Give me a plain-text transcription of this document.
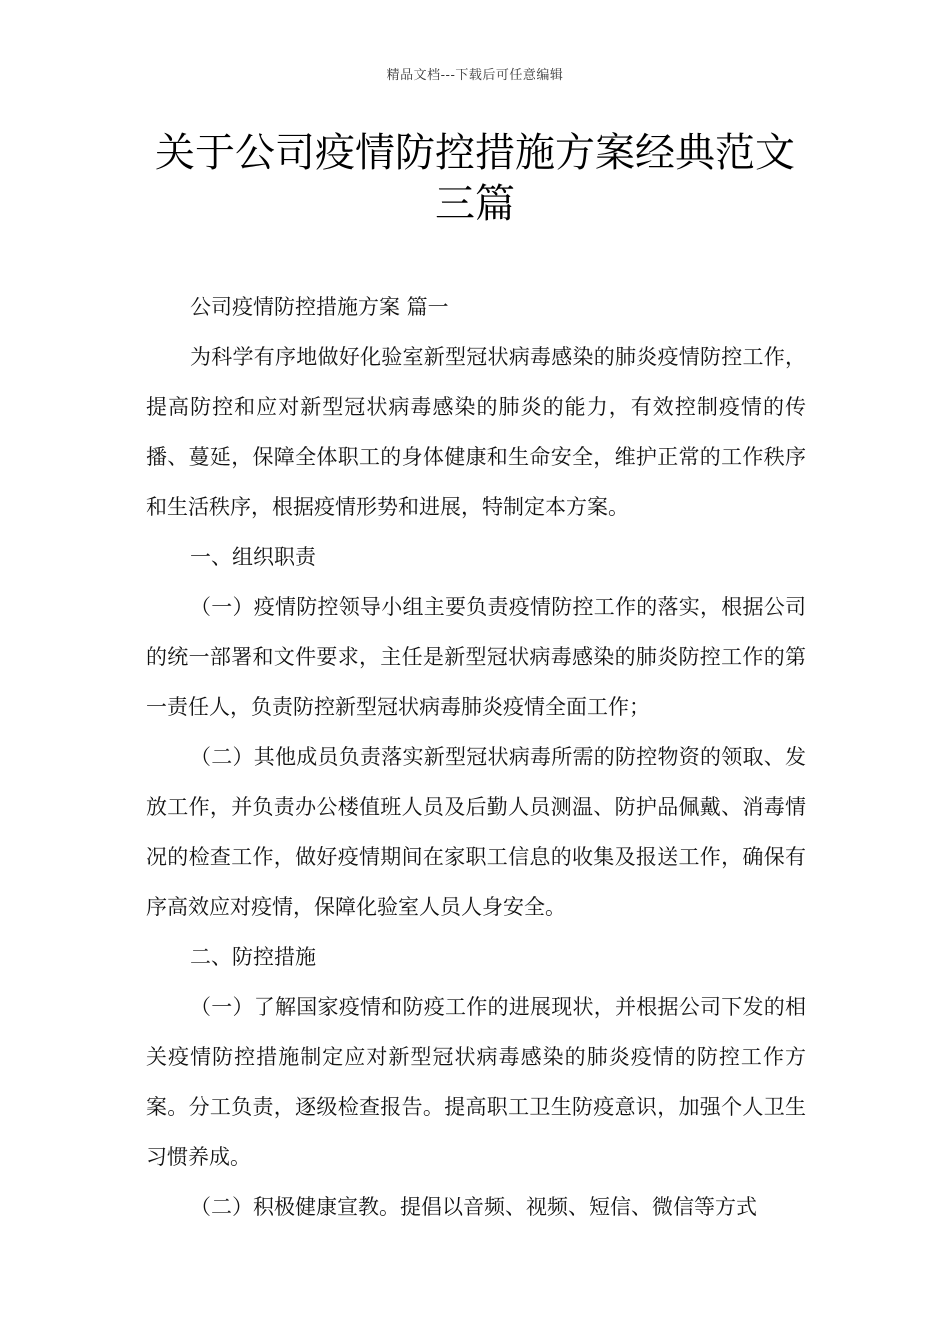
精品文档---下载后可任意编辑
关于公司疫情防控措施方案经典范文三篇

公司疫情防控措施方案 篇一

为科学有序地做好化验室新型冠状病毒感染的肺炎疫情防控工作，提高防控和应对新型冠状病毒感染的肺炎的能力，有效控制疫情的传播、蔓延，保障全体职工的身体健康和生命安全，维护正常的工作秩序和生活秩序，根据疫情形势和进展，特制定本方案。

一、组织职责

（一）疫情防控领导小组主要负责疫情防控工作的落实，根据公司的统一部署和文件要求，主任是新型冠状病毒感染的肺炎防控工作的第一责任人，负责防控新型冠状病毒肺炎疫情全面工作；

（二）其他成员负责落实新型冠状病毒所需的防控物资的领取、发放工作，并负责办公楼值班人员及后勤人员测温、防护品佩戴、消毒情况的检查工作，做好疫情期间在家职工信息的收集及报送工作，确保有序高效应对疫情，保障化验室人员人身安全。

二、防控措施

（一）了解国家疫情和防疫工作的进展现状，并根据公司下发的相关疫情防控措施制定应对新型冠状病毒感染的肺炎疫情的防控工作方案。分工负责，逐级检查报告。提高职工卫生防疫意识，加强个人卫生习惯养成。

（二）积极健康宣教。提倡以音频、视频、短信、微信等方式
